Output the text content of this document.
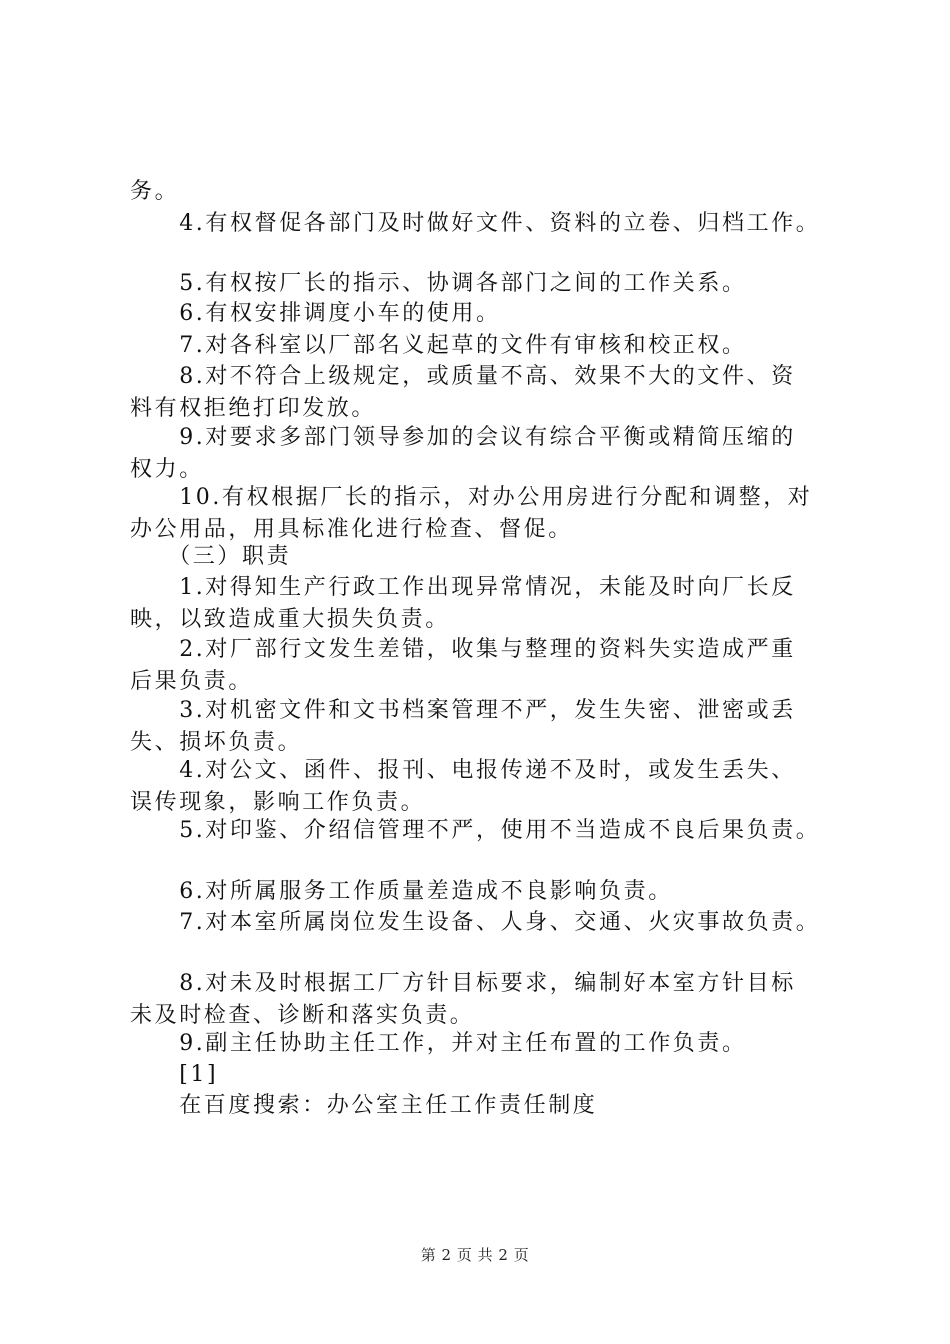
务。

　　4.有权督促各部门及时做好文件、资料的立卷、归档工作。

　　5.有权按厂长的指示、协调各部门之间的工作关系。

　　6.有权安排调度小车的使用。

　　7.对各科室以厂部名义起草的文件有审核和校正权。

　　8.对不符合上级规定，或质量不高、效果不大的文件、资
料有权拒绝打印发放。

　　9.对要求多部门领导参加的会议有综合平衡或精简压缩的
权力。

　　10.有权根据厂长的指示，对办公用房进行分配和调整，对
办公用品，用具标准化进行检查、督促。

　　（三）职责

　　1.对得知生产行政工作出现异常情况，未能及时向厂长反
映，以致造成重大损失负责。

　　2.对厂部行文发生差错，收集与整理的资料失实造成严重
后果负责。

　　3.对机密文件和文书档案管理不严，发生失密、泄密或丢
失、损坏负责。

　　4.对公文、函件、报刊、电报传递不及时，或发生丢失、
误传现象，影响工作负责。

　　5.对印鉴、介绍信管理不严，使用不当造成不良后果负责。

　　6.对所属服务工作质量差造成不良影响负责。

　　7.对本室所属岗位发生设备、人身、交通、火灾事故负责。

　　8.对未及时根据工厂方针目标要求，编制好本室方针目标
未及时检查、诊断和落实负责。

　　9.副主任协助主任工作，并对主任布置的工作负责。

　　[1]

　　在百度搜索：办公室主任工作责任制度

第 2 页 共 2 页
